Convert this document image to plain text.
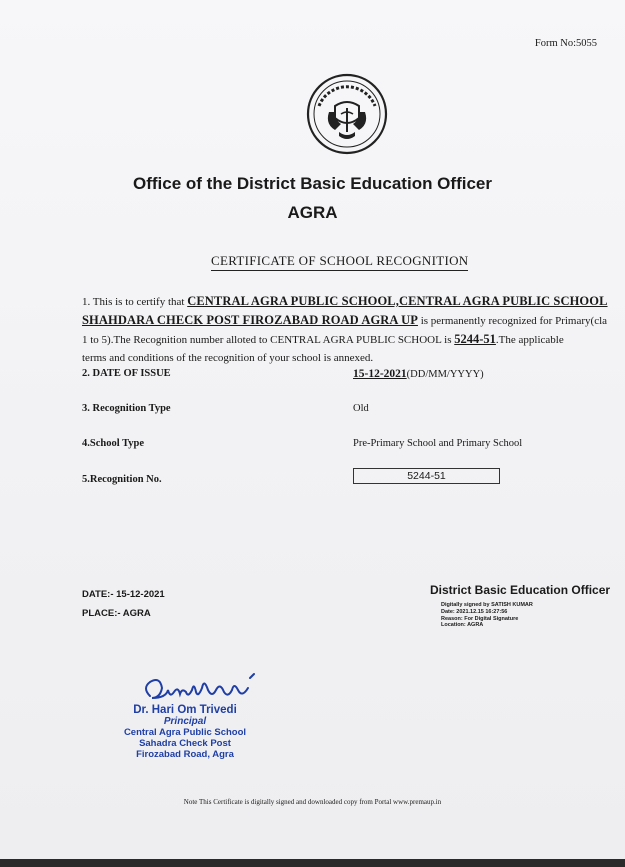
Form No:5055
Office of the District Basic Education Officer
AGRA
CERTIFICATE OF SCHOOL RECOGNITION
1. This is to certify that CENTRAL AGRA PUBLIC SCHOOL,CENTRAL AGRA PUBLIC SCHOOL
SHAHDARA CHECK POST FIROZABAD ROAD AGRA UP is permanently recognized for Primary(cla
1 to 5).The Recognition number alloted to CENTRAL AGRA PUBLIC SCHOOL is 5244-51.The applicable
terms and conditions of the recognition of your school is annexed.
2. DATE OF ISSUE	15-12-2021(DD/MM/YYYY)
3. Recognition Type	Old
4.School Type	Pre-Primary School and Primary School
5.Recognition No.	5244-51
DATE:- 15-12-2021
PLACE:- AGRA
District Basic Education Officer
Digitally signed by SATISH KUMAR
Date: 2021.12.15 16:27:56
Reason: For Digital Signature
Location: AGRA
Dr. Hari Om Trivedi
Principal
Central Agra Public School
Sahadra Check Post
Firozabad Road, Agra
Note This Certificate is digitally signed and downloaded copy from Portal www.premaup.in
